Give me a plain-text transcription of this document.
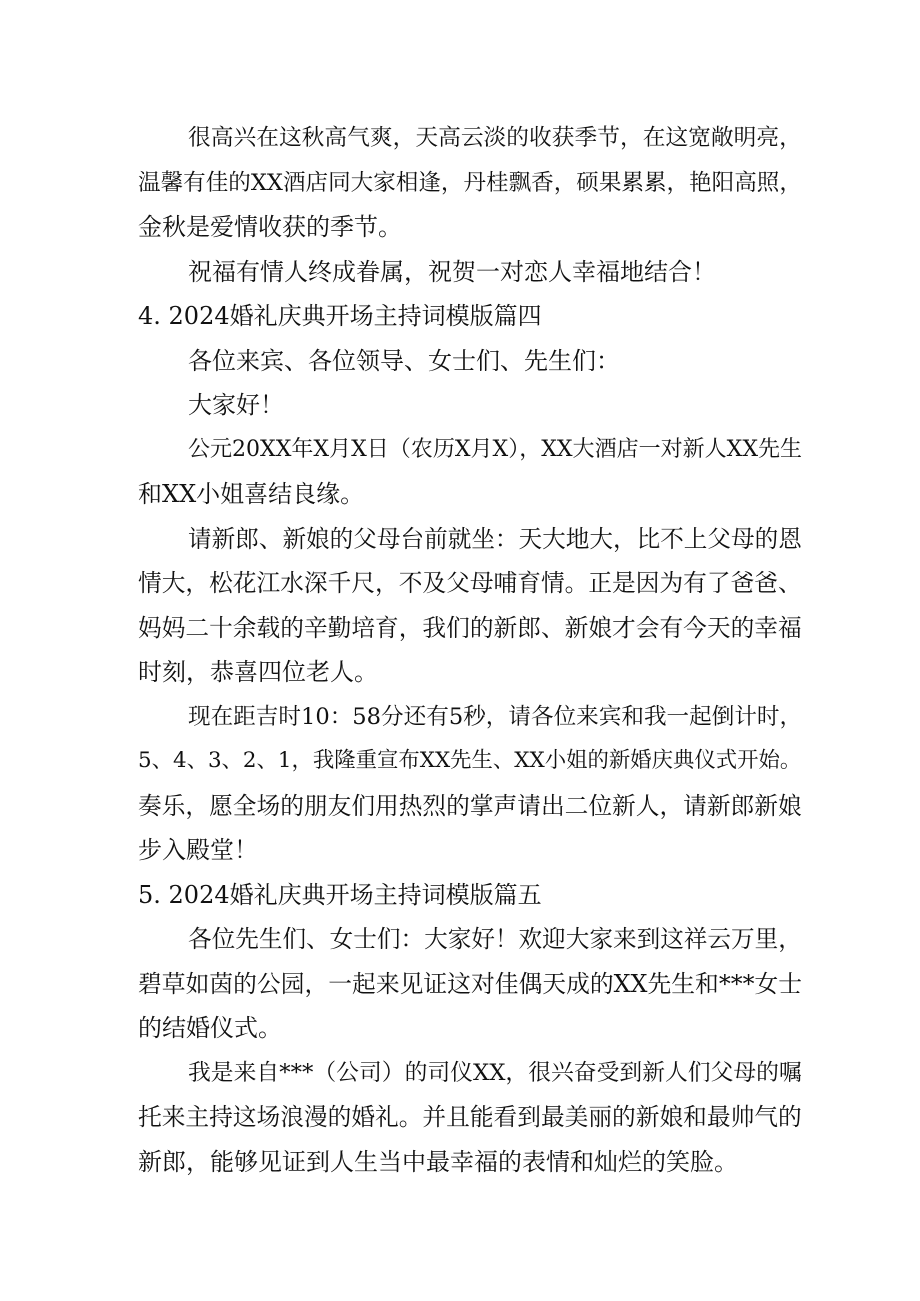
很高兴在这秋高气爽，天高云淡的收获季节，在这宽敞明亮，
温馨有佳的XX酒店同大家相逢，丹桂飘香，硕果累累，艳阳高照，
金秋是爱情收获的季节。
祝福有情人终成眷属，祝贺一对恋人幸福地结合！
4. 2024婚礼庆典开场主持词模版篇四
各位来宾、各位领导、女士们、先生们：
大家好！
公元20XX年X月X日（农历X月X），XX大酒店一对新人XX先生
和XX小姐喜结良缘。
请新郎、新娘的父母台前就坐：天大地大，比不上父母的恩
情大，松花江水深千尺，不及父母哺育情。正是因为有了爸爸、
妈妈二十余载的辛勤培育，我们的新郎、新娘才会有今天的幸福
时刻，恭喜四位老人。
现在距吉时10：58分还有5秒，请各位来宾和我一起倒计时，
5、4、3、2、1，我隆重宣布XX先生、XX小姐的新婚庆典仪式开始。
奏乐，愿全场的朋友们用热烈的掌声请出二位新人，请新郎新娘
步入殿堂！
5. 2024婚礼庆典开场主持词模版篇五
各位先生们、女士们：大家好！欢迎大家来到这祥云万里，
碧草如茵的公园，一起来见证这对佳偶天成的XX先生和***女士
的结婚仪式。
我是来自***（公司）的司仪XX，很兴奋受到新人们父母的嘱
托来主持这场浪漫的婚礼。并且能看到最美丽的新娘和最帅气的
新郎，能够见证到人生当中最幸福的表情和灿烂的笑脸。
